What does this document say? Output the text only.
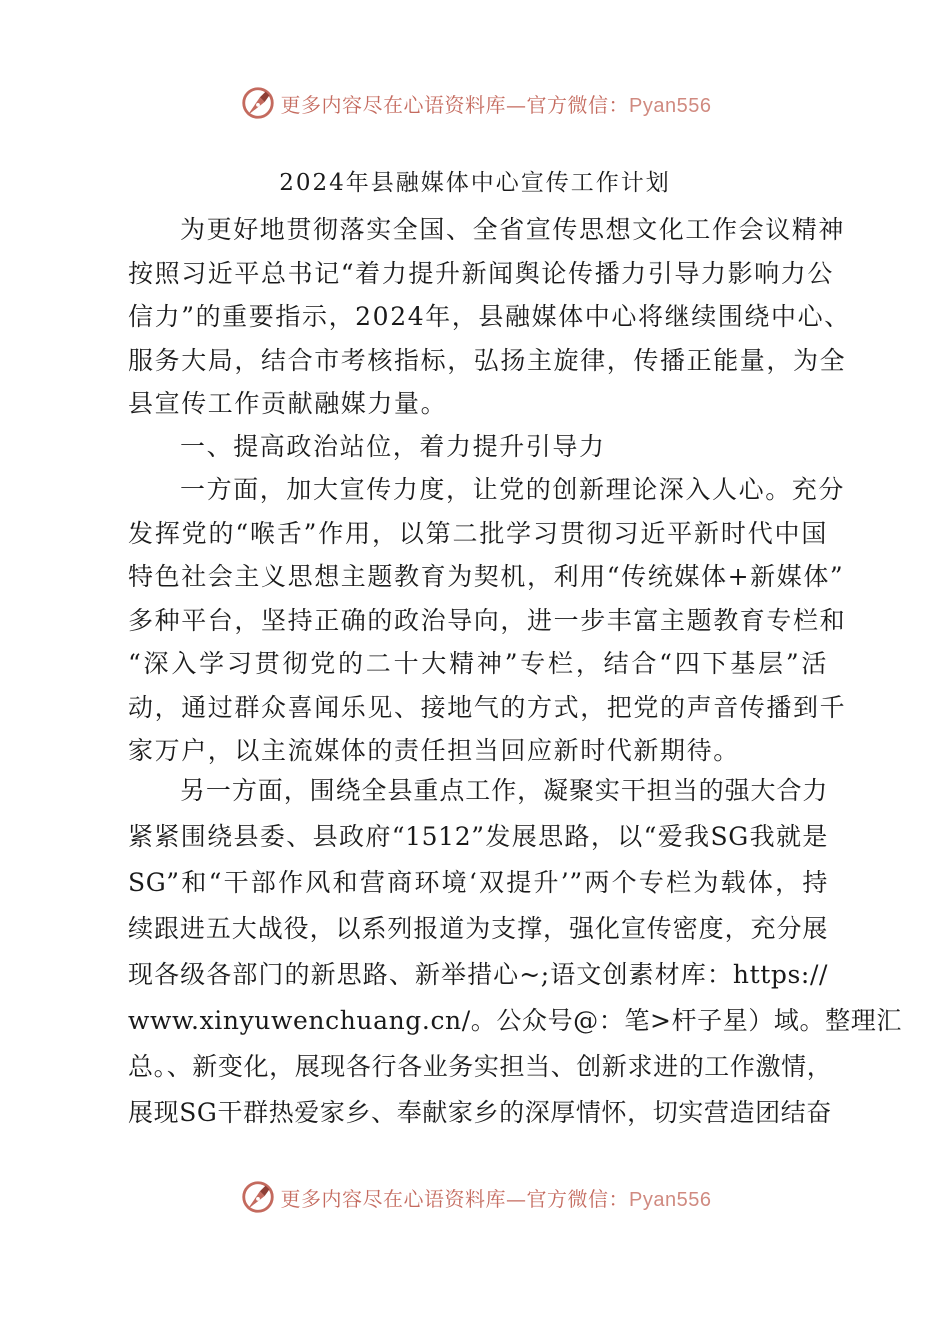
更多内容尽在心语资料库—官方微信：Pyan556
2024年县融媒体中心宣传工作计划

为更好地贯彻落实全国、全省宣传思想文化工作会议精神
按照习近平总书记“着力提升新闻舆论传播力引导力影响力公
信力”的重要指示，2024年，县融媒体中心将继续围绕中心、
服务大局，结合市考核指标，弘扬主旋律，传播正能量，为全
县宣传工作贡献融媒力量。

一、提高政治站位，着力提升引导力

一方面，加大宣传力度，让党的创新理论深入人心。充分
发挥党的“喉舌”作用，以第二批学习贯彻习近平新时代中国
特色社会主义思想主题教育为契机，利用“传统媒体+新媒体”
多种平台，坚持正确的政治导向，进一步丰富主题教育专栏和
“深入学习贯彻党的二十大精神”专栏，结合“四下基层”活
动，通过群众喜闻乐见、接地气的方式，把党的声音传播到千
家万户，以主流媒体的责任担当回应新时代新期待。

另一方面，围绕全县重点工作，凝聚实干担当的强大合力
紧紧围绕县委、县政府“1512”发展思路，以“爱我SG我就是
SG”和“干部作风和营商环境‘双提升’”两个专栏为载体，持
续跟进五大战役，以系列报道为支撑，强化宣传密度，充分展
现各级各部门的新思路、新举措心~;语文创素材库：https://
www.xinyuwenchuang.cn/。公众号@：笔>杆子星）域。整理汇
总。、新变化，展现各行各业务实担当、创新求进的工作激情，
展现SG干群热爱家乡、奉献家乡的深厚情怀，切实营造团结奋

更多内容尽在心语资料库—官方微信：Pyan556
